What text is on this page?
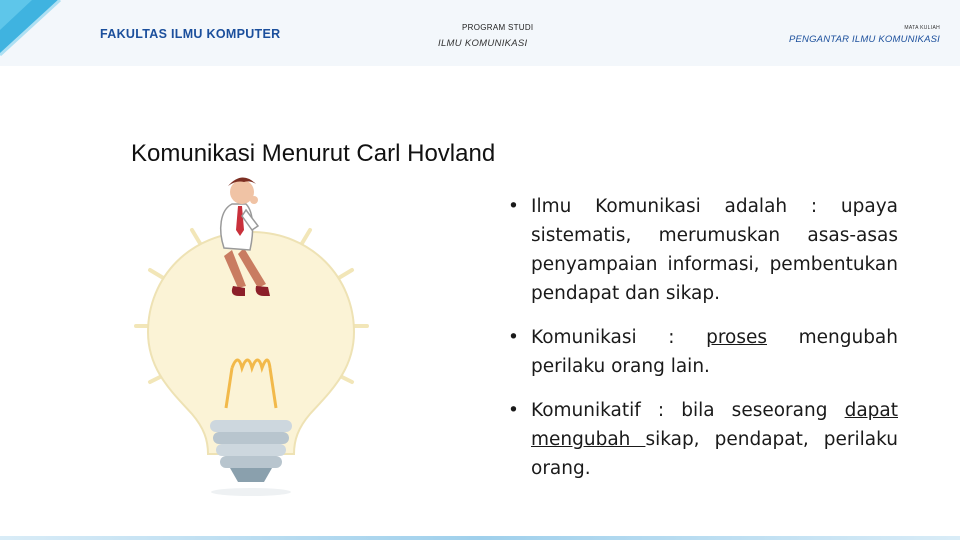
FAKULTAS ILMU KOMPUTER	PROGRAM STUDI
ILMU KOMUNIKASI
MATA KULIAH
PENGANTAR ILMU KOMUNIKASI
Komunikasi Menurut Carl Hovland
• Ilmu Komunikasi adalah : upaya sistematis, merumuskan asas-asas penyampaian informasi, pembentukan pendapat dan sikap.
• Komunikasi : proses mengubah perilaku orang lain.
• Komunikatif : bila seseorang dapat mengubah sikap, pendapat, perilaku orang.
